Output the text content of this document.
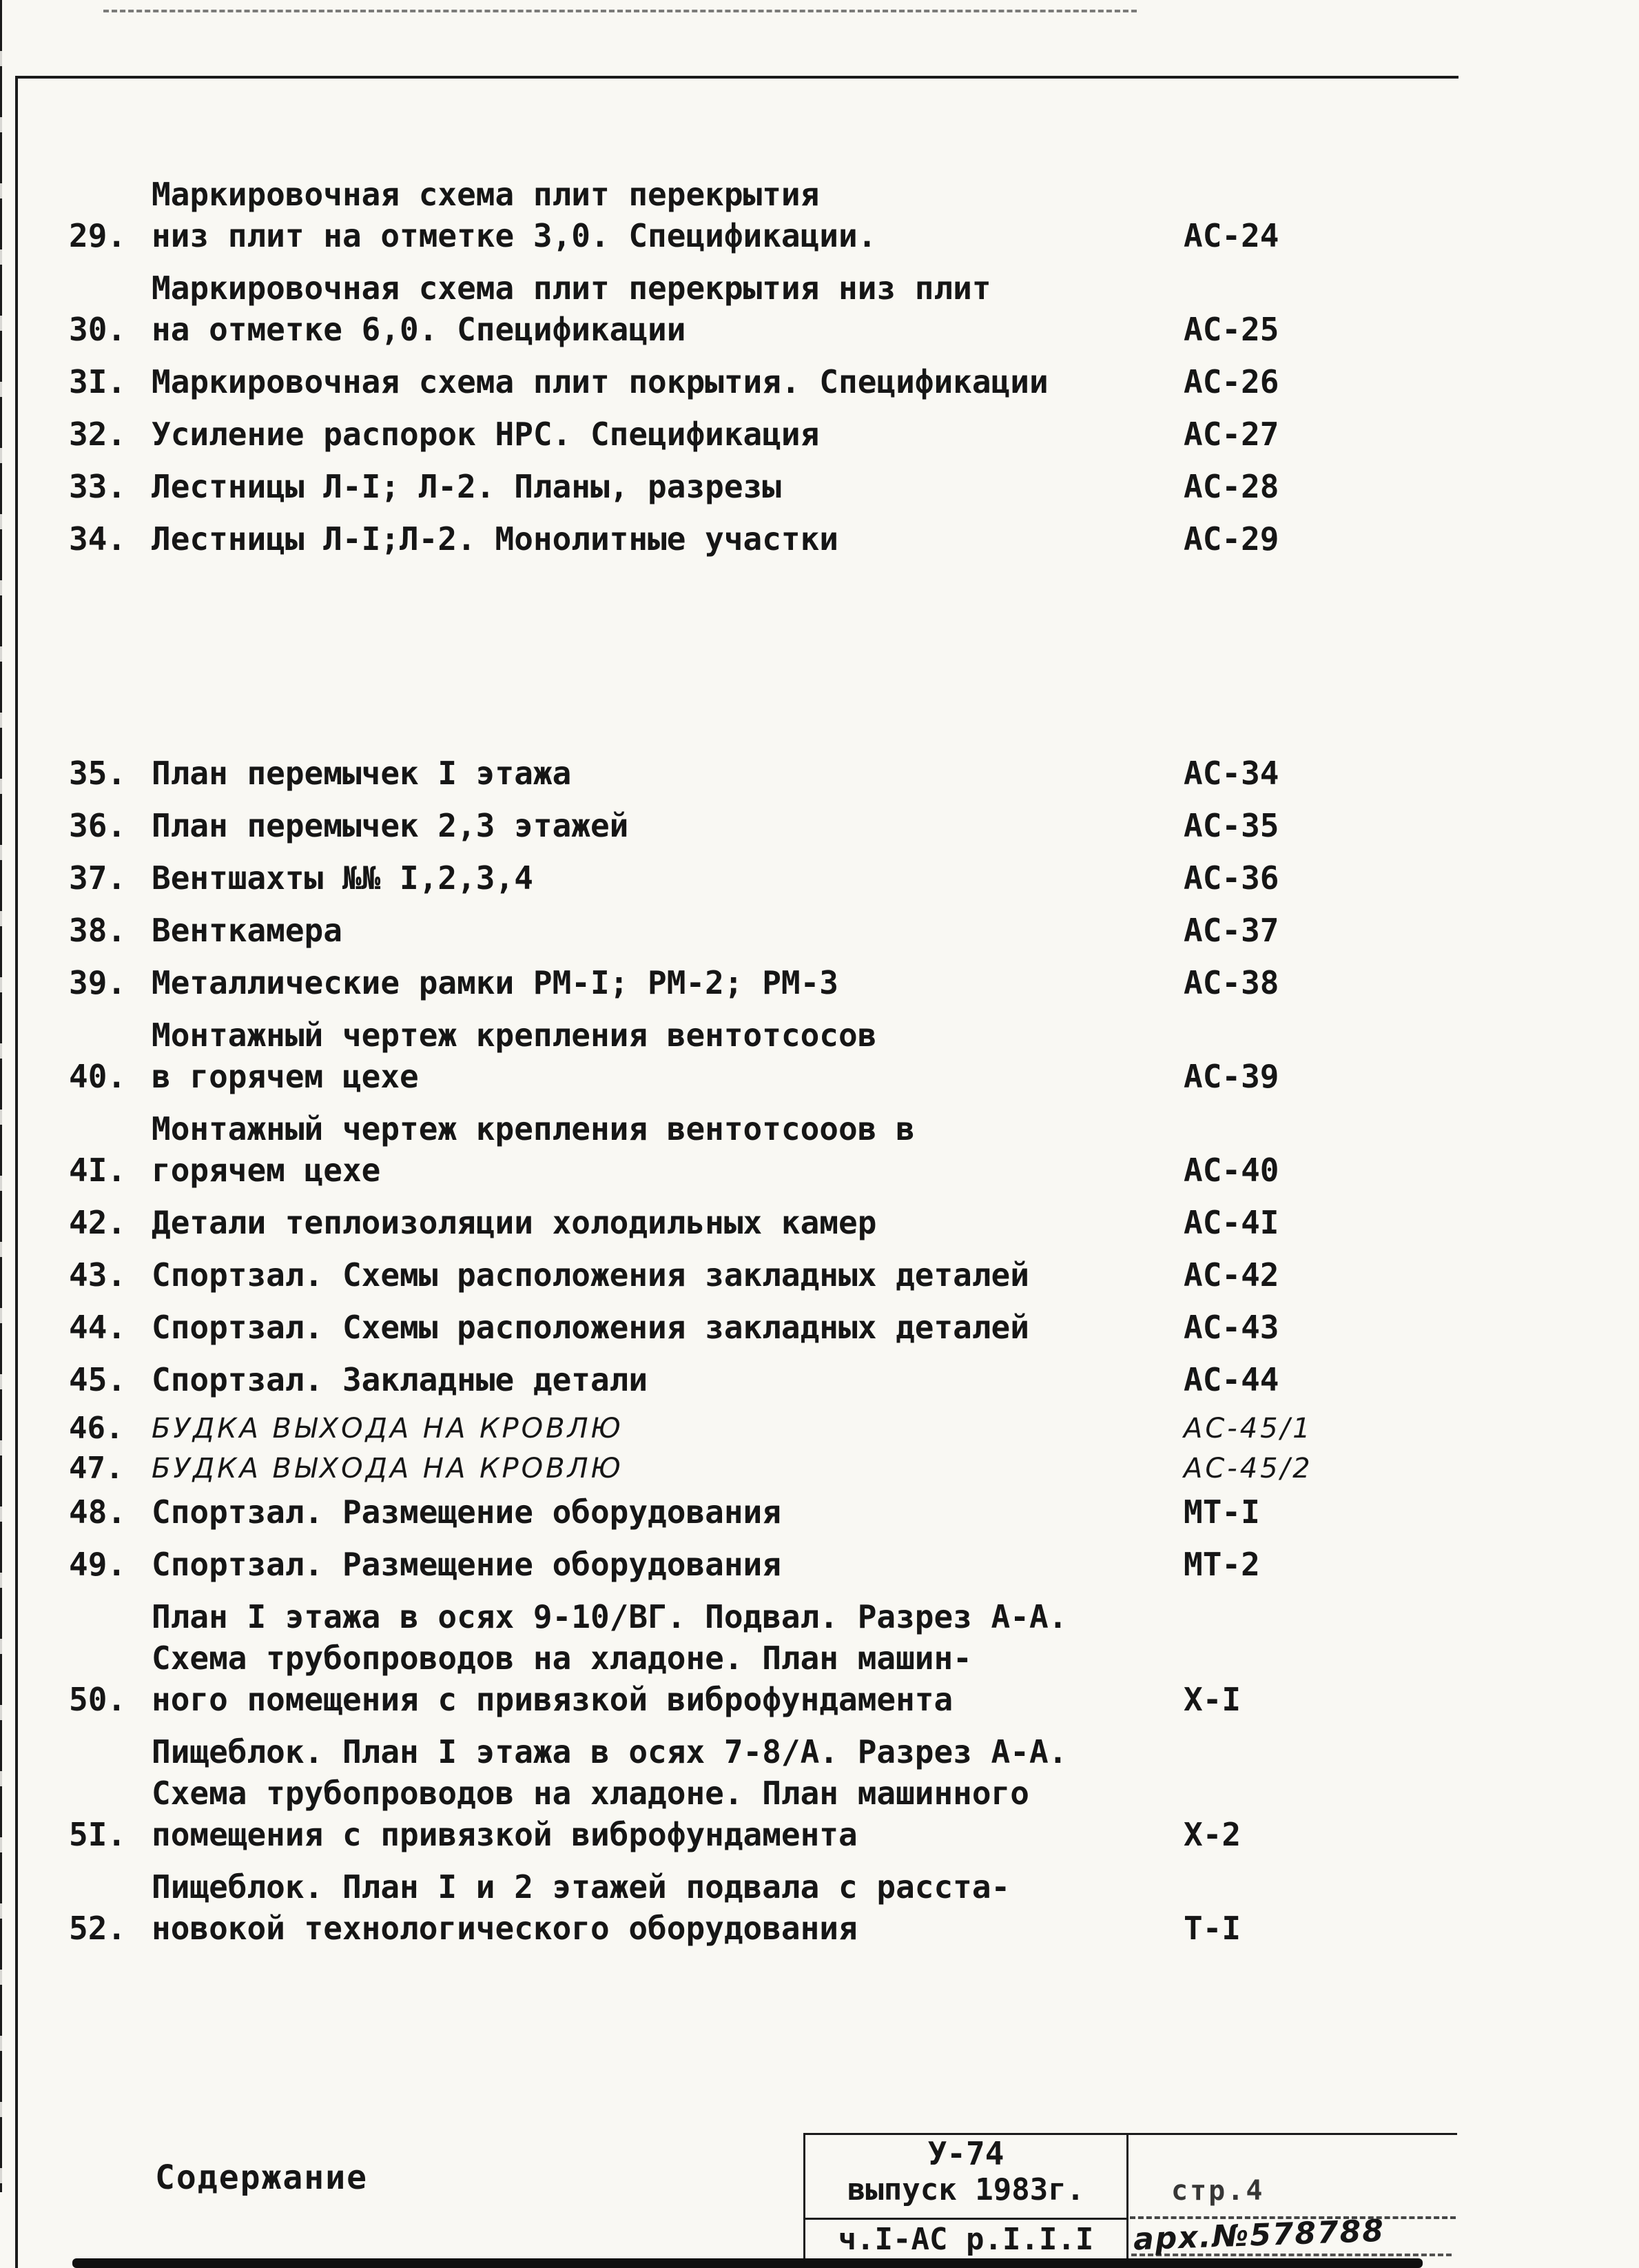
29.
Маркировочная схема плит перекрытия
низ плит на отметке 3,0. Спецификации.	АС-24
30.
Маркировочная схема плит перекрытия низ плит
на отметке 6,0. Спецификации	АС-25
3I. Маркировочная схема плит покрытия. Спецификации	АС-26
32. Усиление распорок НРС. Спецификация	АС-27
33. Лестницы Л-I; Л-2. Планы, разрезы	АС-28
34. Лестницы Л-I;Л-2. Монолитные участки	АС-29
35. План перемычек I этажа	АС-34
36. План перемычек 2,3 этажей	АС-35
37. Вентшахты №№ I,2,3,4	АС-36
38. Венткамера	АС-37
39. Металлические рамки РМ-I; РМ-2; РМ-3	АС-38
40.
Монтажный чертеж крепления вентотсосов
в горячем цехе	АС-39
4I.
Монтажный чертеж крепления вентотсооов в
горячем цехе	АС-40
42. Детали теплоизоляции холодильных камер	АС-4I
43. Спортзал. Схемы расположения закладных деталей	АС-42
44. Спортзал. Схемы расположения закладных деталей	АС-43
45. Спортзал. Закладные детали	АС-44
46.	БУДКА ВЫХОДА НА КРОВЛЮ	АС-45/1
47.	БУДКА ВЫХОДА НА КРОВЛЮ	АС-45/2
48. Спортзал. Размещение оборудования	МТ-I
49. Спортзал. Размещение оборудования	МТ-2
50.
План I этажа в осях 9-10/ВГ. Подвал. Разрез А-А.
Схема трубопроводов на хладоне. План машин-
ного помещения с привязкой виброфундамента	Х-I
5I.
Пищеблок. План I этажа в осях 7-8/А. Разрез А-А.
Схема трубопроводов на хладоне. План машинного
помещения с привязкой виброфундамента	Х-2
52.
Пищеблок. План I и 2 этажей подвала с расста-
новокой технологического оборудования	Т-I
Содержание
У-74
выпуск 1983г.
ч.I-АС р.I.I.I
стр.4
арх.№578788
